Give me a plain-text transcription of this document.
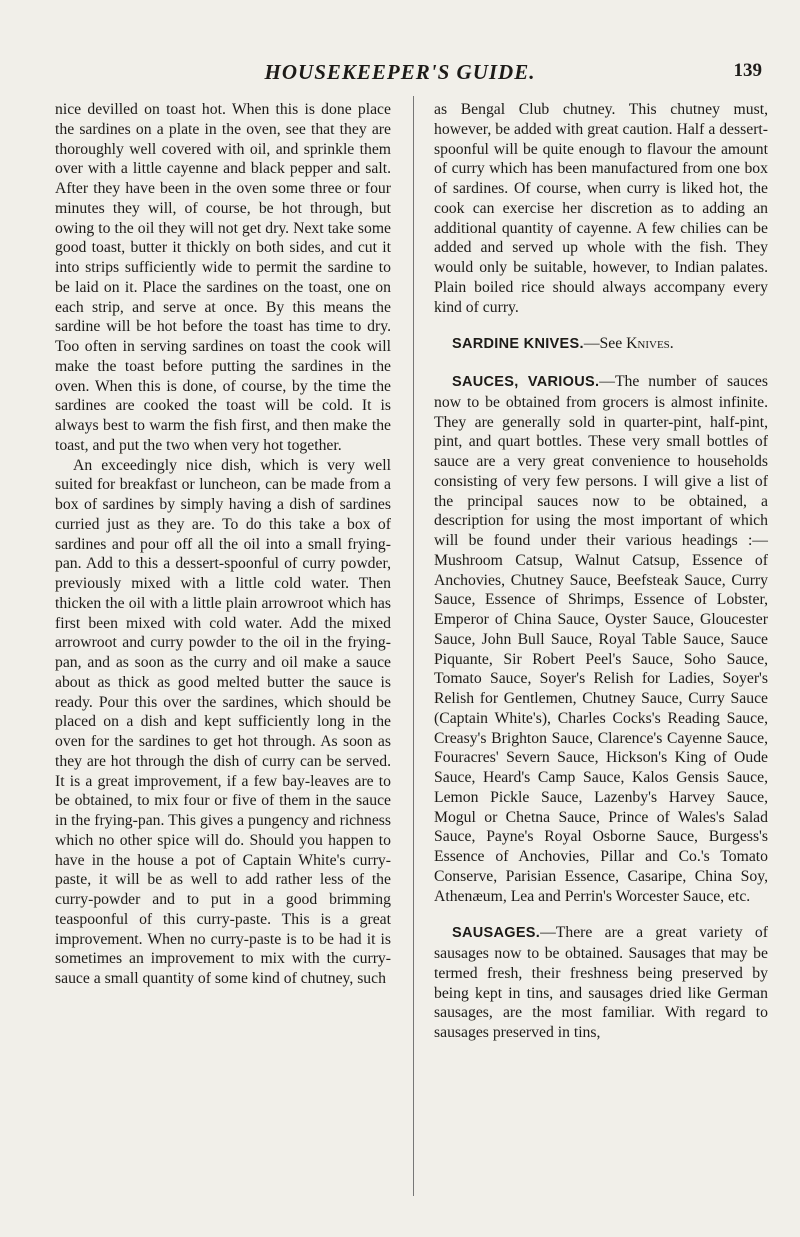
HOUSEKEEPER'S GUIDE.	139

nice devilled on toast hot. When this is done place the sardines on a plate in the oven, see that they are thoroughly well covered with oil, and sprinkle them over with a little cayenne and black pepper and salt. After they have been in the oven some three or four minutes they will, of course, be hot through, but owing to the oil they will not get dry. Next take some good toast, butter it thickly on both sides, and cut it into strips sufficiently wide to permit the sardine to be laid on it. Place the sardines on the toast, one on each strip, and serve at once. By this means the sardine will be hot before the toast has time to dry. Too often in serving sardines on toast the cook will make the toast before putting the sardines in the oven. When this is done, of course, by the time the sardines are cooked the toast will be cold. It is always best to warm the fish first, and then make the toast, and put the two when very hot together.

An exceedingly nice dish, which is very well suited for breakfast or luncheon, can be made from a box of sardines by simply having a dish of sardines curried just as they are. To do this take a box of sardines and pour off all the oil into a small frying-pan. Add to this a dessert-spoonful of curry powder, previously mixed with a little cold water. Then thicken the oil with a little plain arrowroot which has first been mixed with cold water. Add the mixed arrowroot and curry powder to the oil in the frying-pan, and as soon as the curry and oil make a sauce about as thick as good melted butter the sauce is ready. Pour this over the sardines, which should be placed on a dish and kept sufficiently long in the oven for the sardines to get hot through. As soon as they are hot through the dish of curry can be served. It is a great improvement, if a few bay-leaves are to be obtained, to mix four or five of them in the sauce in the frying-pan. This gives a pungency and richness which no other spice will do. Should you happen to have in the house a pot of Captain White's curry-paste, it will be as well to add rather less of the curry-powder and to put in a good brimming teaspoonful of this curry-paste. This is a great improvement. When no curry-paste is to be had it is sometimes an improvement to mix with the curry-sauce a small quantity of some kind of chutney, such

as Bengal Club chutney. This chutney must, however, be added with great caution. Half a dessert-spoonful will be quite enough to flavour the amount of curry which has been manufactured from one box of sardines. Of course, when curry is liked hot, the cook can exercise her discretion as to adding an additional quantity of cayenne. A few chilies can be added and served up whole with the fish. They would only be suitable, however, to Indian palates. Plain boiled rice should always accompany every kind of curry.

SARDINE KNIVES.—See Knives.

SAUCES, VARIOUS.—The number of sauces now to be obtained from grocers is almost infinite. They are generally sold in quarter-pint, half-pint, pint, and quart bottles. These very small bottles of sauce are a very great convenience to households consisting of very few persons. I will give a list of the principal sauces now to be obtained, a description for using the most important of which will be found under their various headings :—Mushroom Catsup, Walnut Catsup, Essence of Anchovies, Chutney Sauce, Beefsteak Sauce, Curry Sauce, Essence of Shrimps, Essence of Lobster, Emperor of China Sauce, Oyster Sauce, Gloucester Sauce, John Bull Sauce, Royal Table Sauce, Sauce Piquante, Sir Robert Peel's Sauce, Soho Sauce, Tomato Sauce, Soyer's Relish for Ladies, Soyer's Relish for Gentlemen, Chutney Sauce, Curry Sauce (Captain White's), Charles Cocks's Reading Sauce, Creasy's Brighton Sauce, Clarence's Cayenne Sauce, Fouracres' Severn Sauce, Hickson's King of Oude Sauce, Heard's Camp Sauce, Kalos Gensis Sauce, Lemon Pickle Sauce, Lazenby's Harvey Sauce, Mogul or Chetna Sauce, Prince of Wales's Salad Sauce, Payne's Royal Osborne Sauce, Burgess's Essence of Anchovies, Pillar and Co.'s Tomato Conserve, Parisian Essence, Casaripe, China Soy, Athenæum, Lea and Perrin's Worcester Sauce, etc.

SAUSAGES.—There are a great variety of sausages now to be obtained. Sausages that may be termed fresh, their freshness being preserved by being kept in tins, and sausages dried like German sausages, are the most familiar. With regard to sausages preserved in tins,
